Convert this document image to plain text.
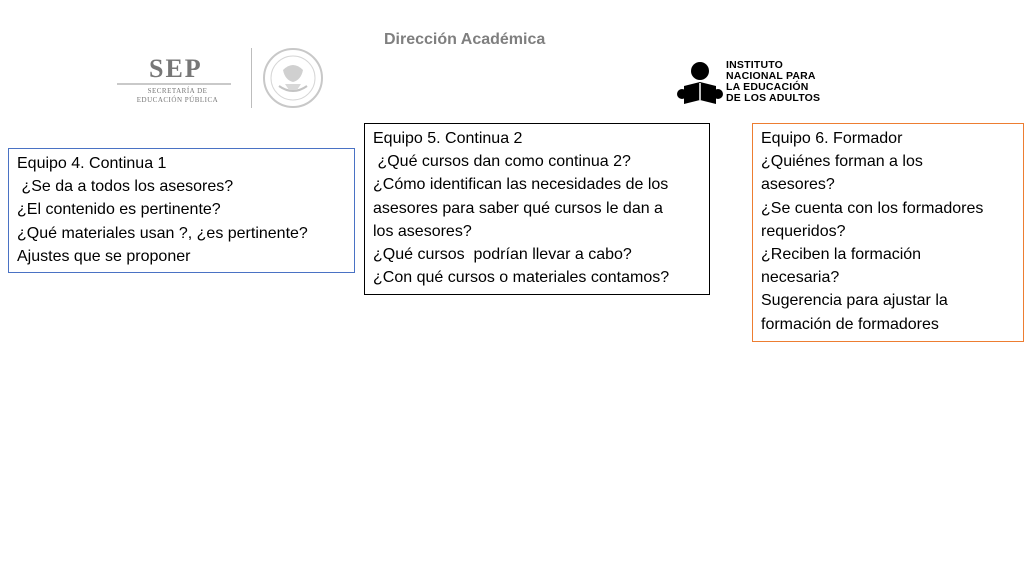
Dirección Académica
SEP
SECRETARÍA DE
EDUCACIÓN PÚBLICA
INSTITUTO
NACIONAL PARA
LA EDUCACIÓN
DE LOS ADULTOS
Equipo 4. Continua 1
¿Se da a todos los asesores?
¿El contenido es pertinente?
¿Qué materiales usan ?, ¿es pertinente?
Ajustes que se proponer
Equipo 5. Continua 2
¿Qué cursos dan como continua 2?
¿Cómo identifican las necesidades de los
asesores para saber qué cursos le dan a
los asesores?
¿Qué cursos  podrían llevar a cabo?
¿Con qué cursos o materiales contamos?
Equipo 6. Formador
¿Quiénes forman a los
asesores?
¿Se cuenta con los formadores
requeridos?
¿Reciben la formación
necesaria?
Sugerencia para ajustar la
formación de formadores
